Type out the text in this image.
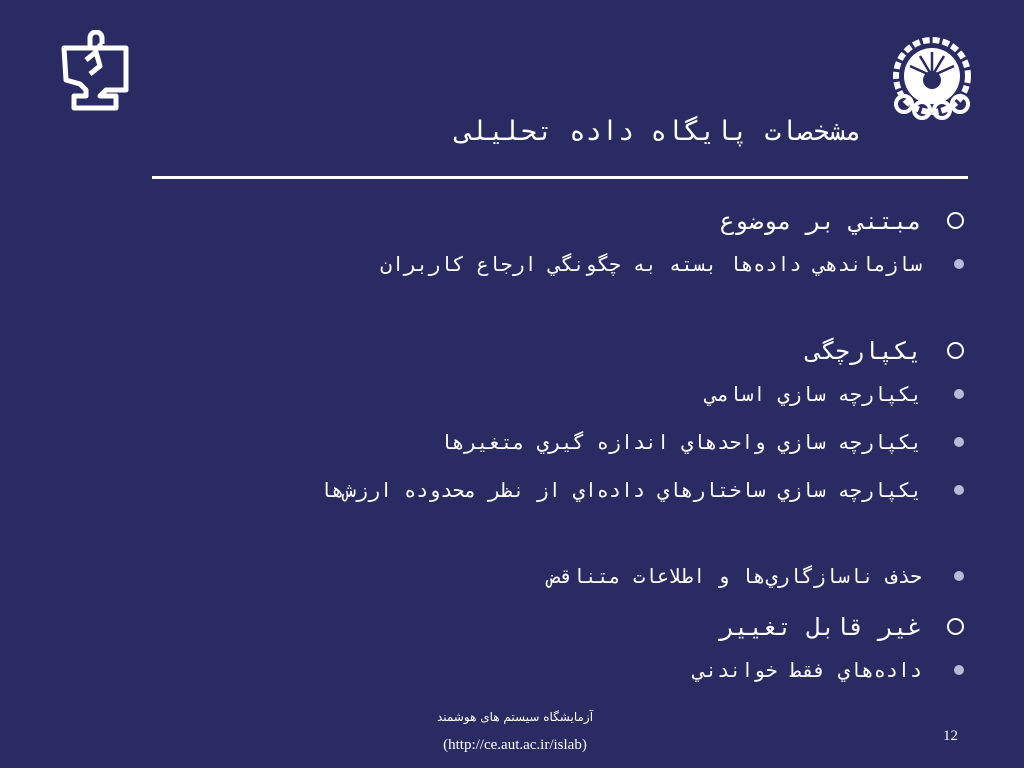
مشخصات پايگاه داده تحليلی
مبتني بر موضوع
سازماندهي داده‌ها بسته به چگونگي ارجاع کاربران
يکپارچگی
يکپارچه سازي اسامي
يکپارچه سازي واحدهاي اندازه گيري متغيرها
يکپارچه سازي ساختارهاي داده‌اي از نظر محدوده ارزش‌ها
حذف ناسازگاري‌ها و اطلاعات متناقض
غير قابل تغيير
داده‌هاي فقط خواندني
آزمايشگاه سيستم های هوشمند
(http://ce.aut.ac.ir/islab)
12
